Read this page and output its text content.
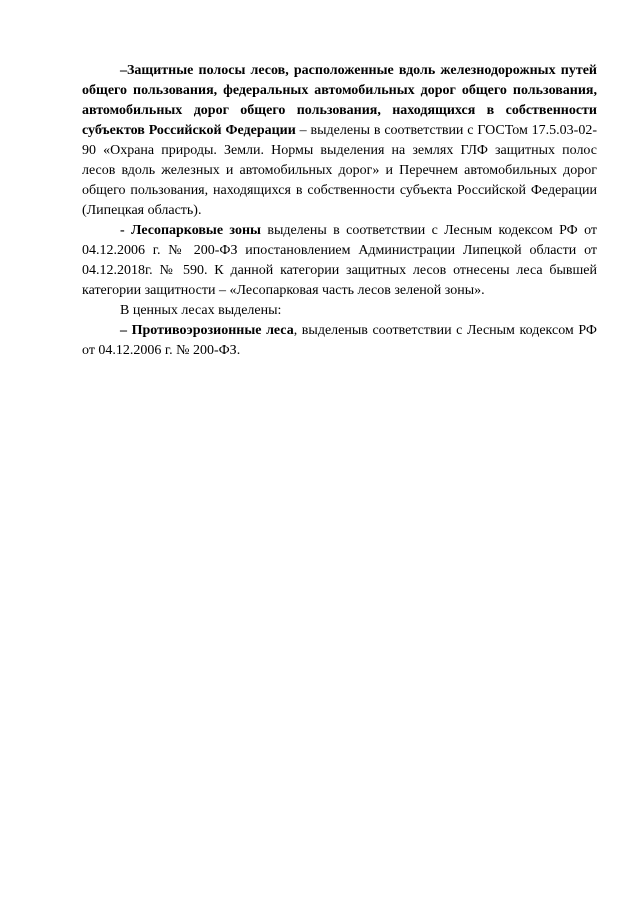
–Защитные полосы лесов, расположенные вдоль железнодорожных путей общего пользования, федеральных автомобильных дорог общего пользования, автомобильных дорог общего пользования, находящихся в собственности субъектов Российской Федерации – выделены в соответствии с ГОСТом 17.5.03-02-90 «Охрана природы. Земли. Нормы выделения на землях ГЛФ защитных полос лесов вдоль железных и автомобильных дорог» и Перечнем автомобильных дорог общего пользования, находящихся в собственности субъекта Российской Федерации (Липецкая область).

- Лесопарковые зоны выделены в соответствии с Лесным кодексом РФ от 04.12.2006 г. № 200-ФЗ ипостановлением Администрации Липецкой области от 04.12.2018г. № 590. К данной категории защитных лесов отнесены леса бывшей категории защитности – «Лесопарковая часть лесов зеленой зоны».

В ценных лесах выделены:

– Противоэрозионные леса, выделеныв соответствии с Лесным кодексом РФ от 04.12.2006 г. № 200-ФЗ.
